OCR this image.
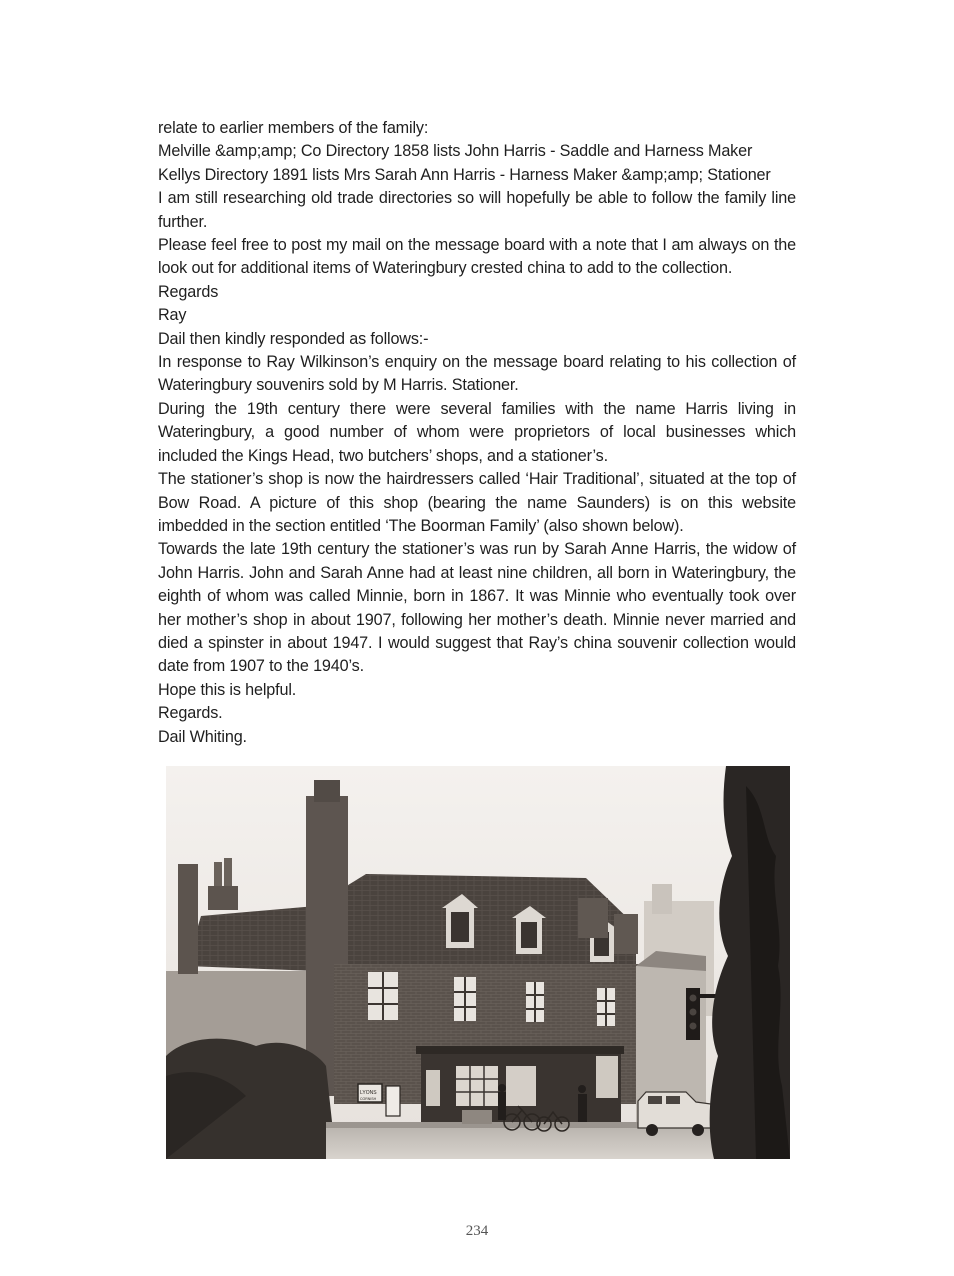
relate to earlier members of the family:

Melville &amp;amp; Co Directory 1858 lists John Harris - Saddle and Harness Maker

Kellys Directory 1891 lists Mrs Sarah Ann Harris - Harness Maker &amp;amp; Stationer

I am still researching old trade directories so will hopefully be able to follow the family line further.

Please feel free to post my mail on the message board with a note that I am always on the look out for additional items of Wateringbury crested china to add to the collection.

Regards

Ray

Dail then kindly responded as follows:-

In response to Ray Wilkinson’s enquiry on the message board relating to his collection of Wateringbury souvenirs sold by M Harris. Stationer.

During the 19th century there were several families with the name Harris living in Wateringbury, a good number of whom were proprietors of local businesses which included the Kings Head, two butchers’ shops, and a stationer’s.

The stationer’s shop is now the hairdressers called ‘Hair Traditional’, situated at the top of Bow Road. A picture of this shop (bearing the name Saunders) is on this website imbedded in the section entitled ‘The Boorman Family’ (also shown below).

Towards the late 19th century the stationer’s was run by Sarah Anne Harris, the widow of John Harris. John and Sarah Anne had at least nine children, all born in Wateringbury, the eighth of whom was called Minnie, born in 1867. It was Minnie who eventually took over her mother’s shop in about 1907, following her mother’s death. Minnie never married and died a spinster in about 1947. I would suggest that Ray’s china souvenir collection would date from 1907 to the 1940’s.

Hope this is helpful.

Regards.

Dail Whiting.

LYONS
CORNISH
234
